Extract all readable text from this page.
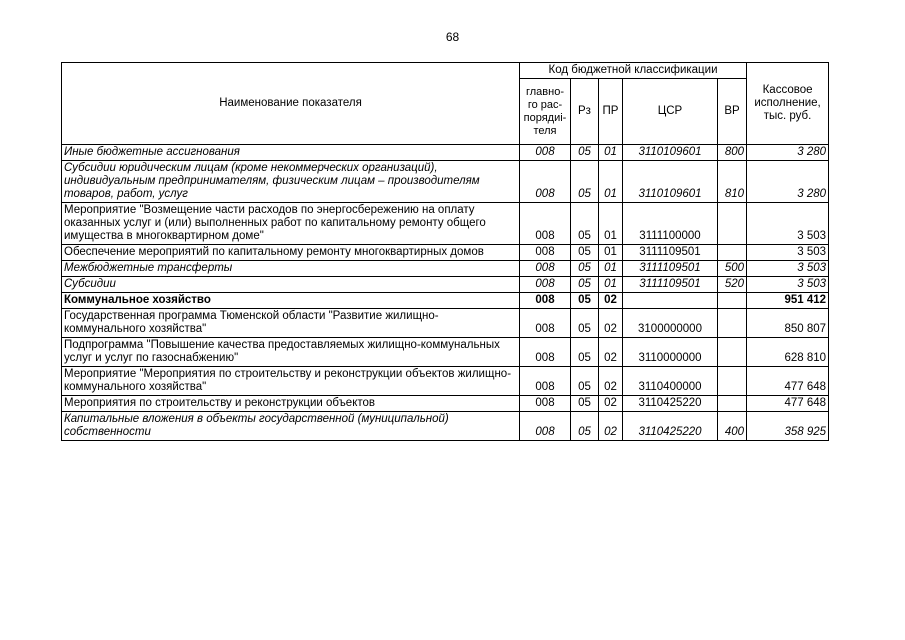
68
Наименование показателя	Код бюджетной классификации					Кассовое исполнение, тыс. руб.
	главно-го рас-порядиі-теля	Рз	ПР	ЦСР	ВР	
Иные бюджетные ассигнования	008	05	01	3110109601	800	3 280
Субсидии юридическим лицам (кроме некоммерческих организаций), индивидуальным предпринимателям, физическим лицам – производителям товаров, работ, услуг	008	05	01	3110109601	810	3 280
Мероприятие "Возмещение части расходов по энергосбережению на оплату оказанных услуг и (или) выполненных работ по капитальному ремонту общего имущества в многоквартирном доме"	008	05	01	3111100000		3 503
Обеспечение мероприятий по капитальному ремонту многоквартирных домов	008	05	01	3111109501		3 503
Межбюджетные трансферты	008	05	01	3111109501	500	3 503
Субсидии	008	05	01	3111109501	520	3 503
Коммунальное хозяйство	008	05	02			951 412
Государственная программа Тюменской области "Развитие жилищно-коммунального хозяйства"	008	05	02	3100000000		850 807
Подпрограмма "Повышение качества предоставляемых жилищно-коммунальных услуг и услуг по газоснабжению"	008	05	02	3110000000		628 810
Мероприятие "Мероприятия по строительству и реконструкции объектов жилищно-коммунального хозяйства"	008	05	02	3110400000		477 648
Мероприятия по строительству и реконструкции объектов	008	05	02	3110425220		477 648
Капитальные вложения в объекты государственной (муниципальной) собственности	008	05	02	3110425220	400	358 925
